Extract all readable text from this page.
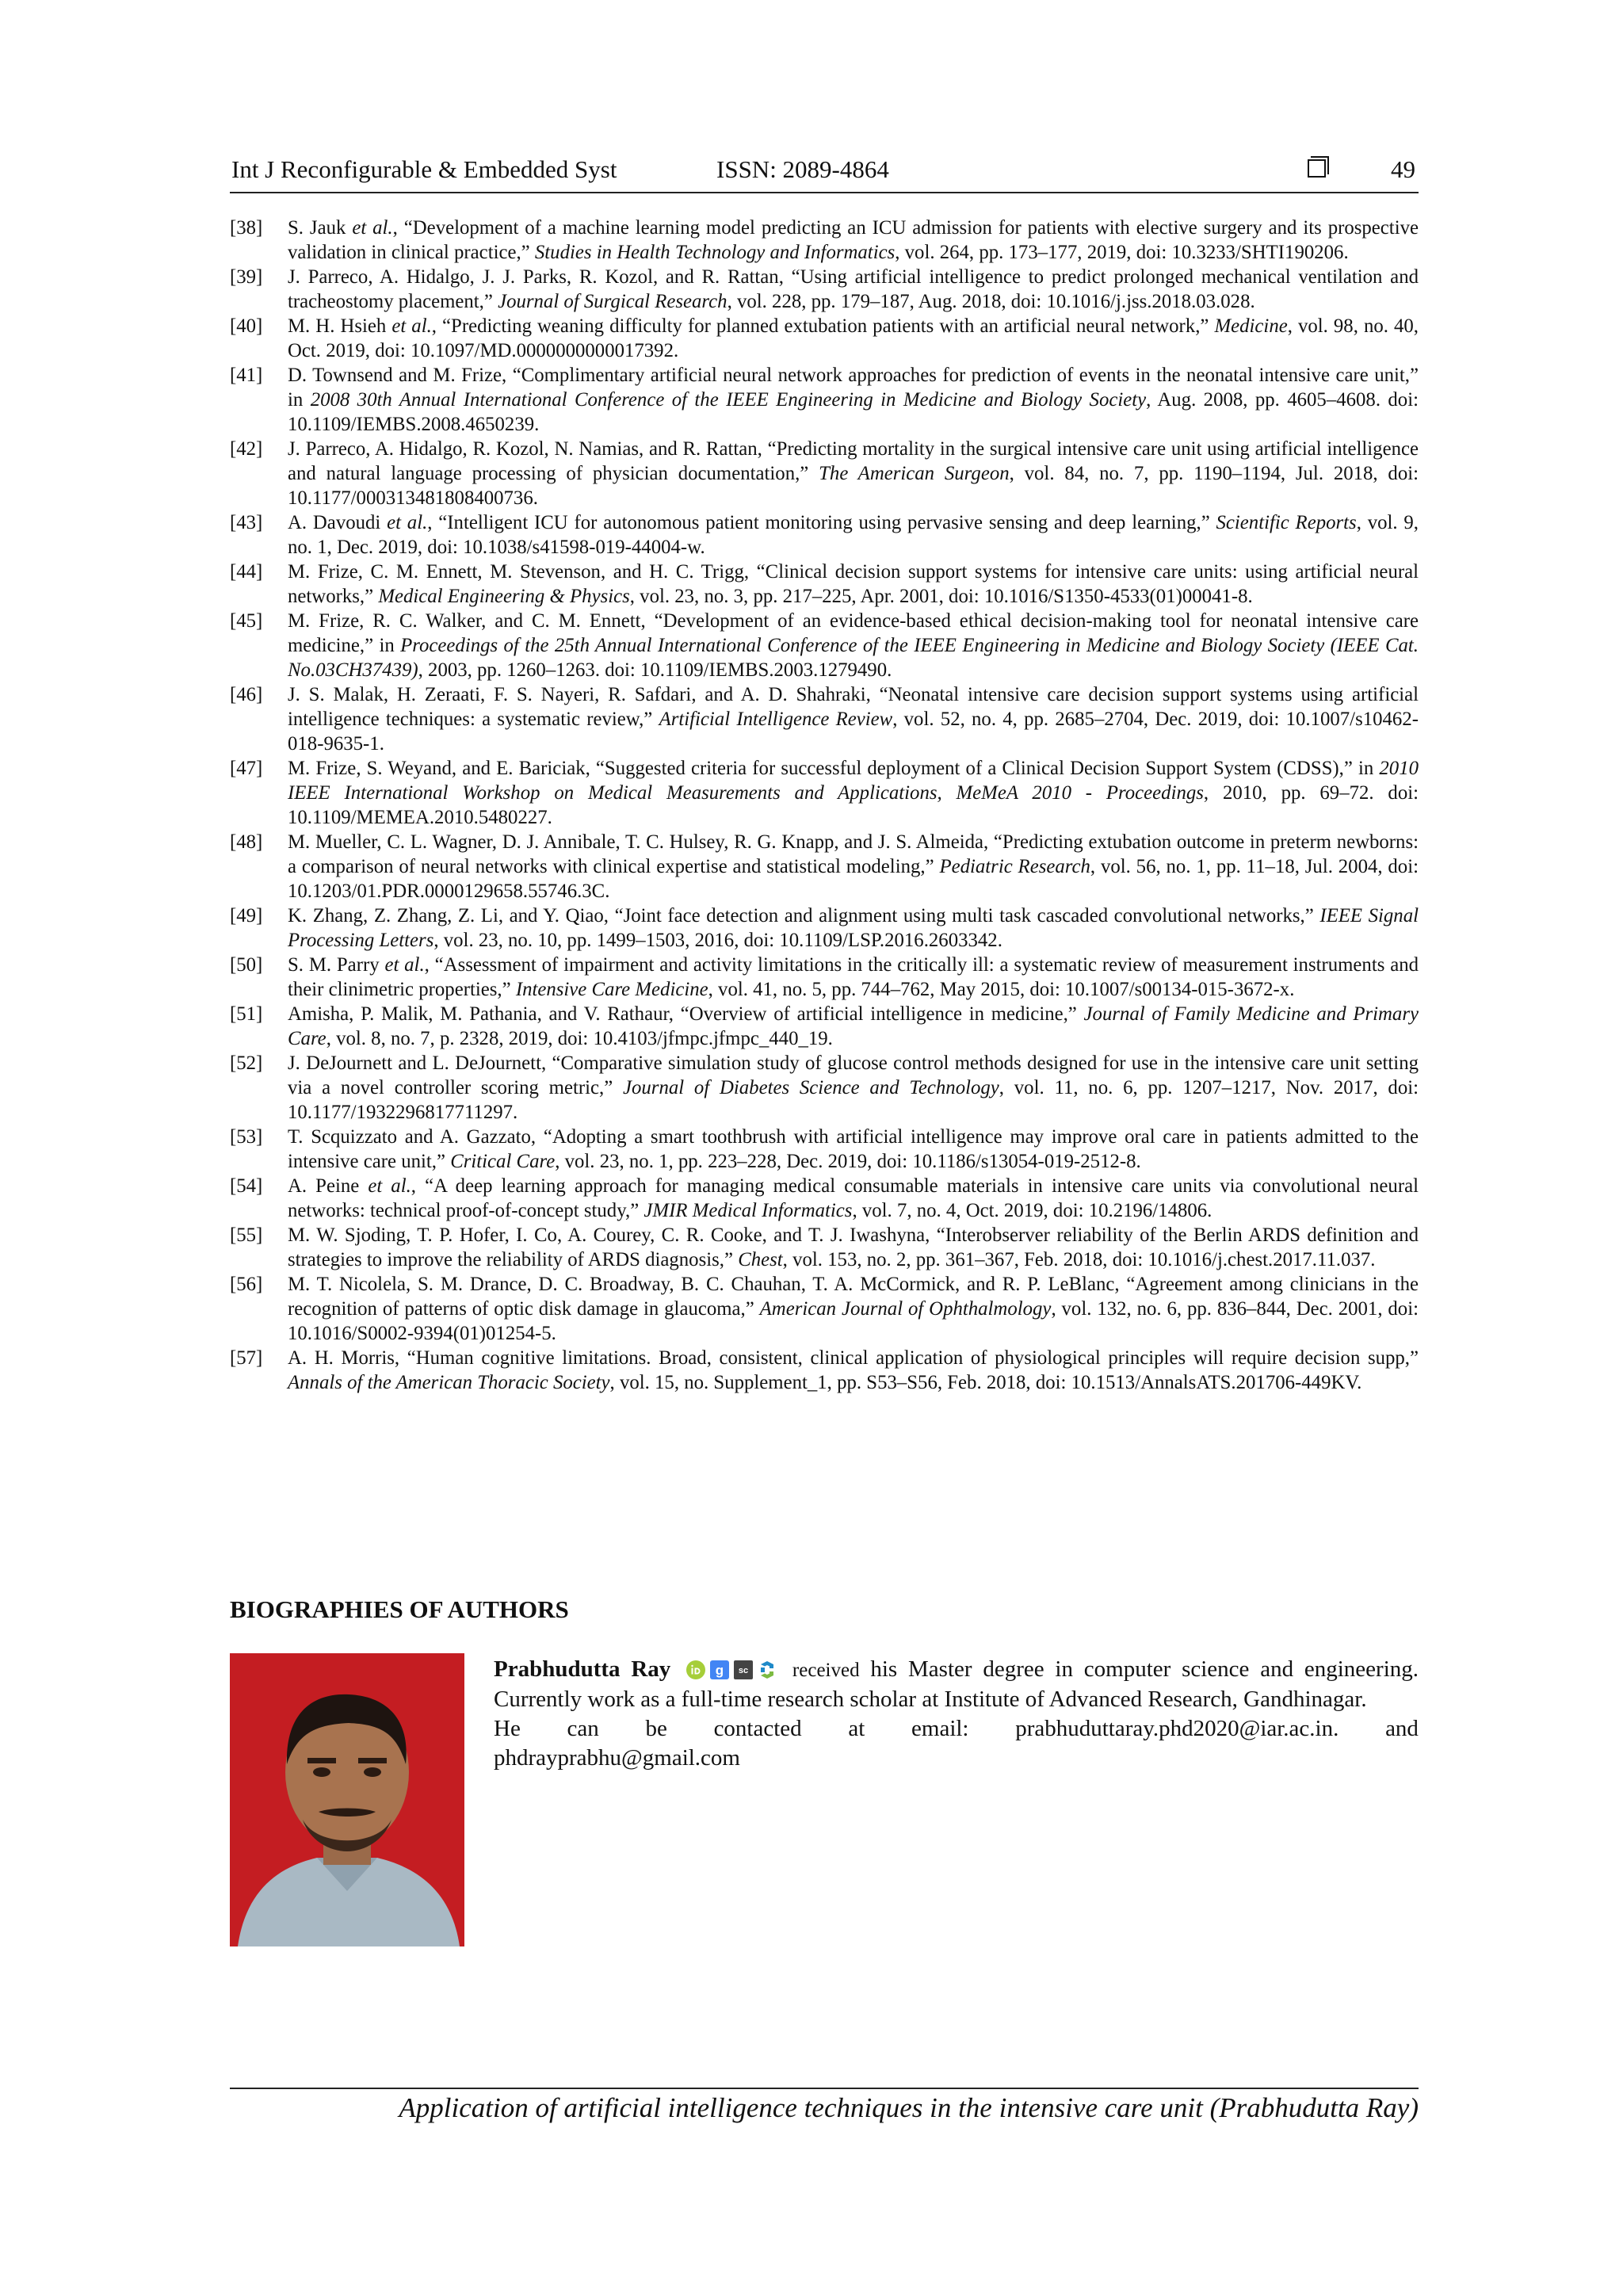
Int J Reconfigurable & Embedded Syst	ISSN: 2089-4864	49

[38] S. Jauk et al., “Development of a machine learning model predicting an ICU admission for patients with elective surgery and its prospective validation in clinical practice,” Studies in Health Technology and Informatics, vol. 264, pp. 173–177, 2019, doi: 10.3233/SHTI190206.

[39] J. Parreco, A. Hidalgo, J. J. Parks, R. Kozol, and R. Rattan, “Using artificial intelligence to predict prolonged mechanical ventilation and tracheostomy placement,” Journal of Surgical Research, vol. 228, pp. 179–187, Aug. 2018, doi: 10.1016/j.jss.2018.03.028.

[40] M. H. Hsieh et al., “Predicting weaning difficulty for planned extubation patients with an artificial neural network,” Medicine, vol. 98, no. 40, Oct. 2019, doi: 10.1097/MD.0000000000017392.

[41] D. Townsend and M. Frize, “Complimentary artificial neural network approaches for prediction of events in the neonatal intensive care unit,” in 2008 30th Annual International Conference of the IEEE Engineering in Medicine and Biology Society, Aug. 2008, pp. 4605–4608. doi: 10.1109/IEMBS.2008.4650239.

[42] J. Parreco, A. Hidalgo, R. Kozol, N. Namias, and R. Rattan, “Predicting mortality in the surgical intensive care unit using artificial intelligence and natural language processing of physician documentation,” The American Surgeon, vol. 84, no. 7, pp. 1190–1194, Jul. 2018, doi: 10.1177/000313481808400736.

[43] A. Davoudi et al., “Intelligent ICU for autonomous patient monitoring using pervasive sensing and deep learning,” Scientific Reports, vol. 9, no. 1, Dec. 2019, doi: 10.1038/s41598-019-44004-w.

[44] M. Frize, C. M. Ennett, M. Stevenson, and H. C. Trigg, “Clinical decision support systems for intensive care units: using artificial neural networks,” Medical Engineering & Physics, vol. 23, no. 3, pp. 217–225, Apr. 2001, doi: 10.1016/S1350-4533(01)00041-8.

[45] M. Frize, R. C. Walker, and C. M. Ennett, “Development of an evidence-based ethical decision-making tool for neonatal intensive care medicine,” in Proceedings of the 25th Annual International Conference of the IEEE Engineering in Medicine and Biology Society (IEEE Cat. No.03CH37439), 2003, pp. 1260–1263. doi: 10.1109/IEMBS.2003.1279490.

[46] J. S. Malak, H. Zeraati, F. S. Nayeri, R. Safdari, and A. D. Shahraki, “Neonatal intensive care decision support systems using artificial intelligence techniques: a systematic review,” Artificial Intelligence Review, vol. 52, no. 4, pp. 2685–2704, Dec. 2019, doi: 10.1007/s10462-018-9635-1.

[47] M. Frize, S. Weyand, and E. Bariciak, “Suggested criteria for successful deployment of a Clinical Decision Support System (CDSS),” in 2010 IEEE International Workshop on Medical Measurements and Applications, MeMeA 2010 - Proceedings, 2010, pp. 69–72. doi: 10.1109/MEMEA.2010.5480227.

[48] M. Mueller, C. L. Wagner, D. J. Annibale, T. C. Hulsey, R. G. Knapp, and J. S. Almeida, “Predicting extubation outcome in preterm newborns: a comparison of neural networks with clinical expertise and statistical modeling,” Pediatric Research, vol. 56, no. 1, pp. 11–18, Jul. 2004, doi: 10.1203/01.PDR.0000129658.55746.3C.

[49] K. Zhang, Z. Zhang, Z. Li, and Y. Qiao, “Joint face detection and alignment using multi task cascaded convolutional networks,” IEEE Signal Processing Letters, vol. 23, no. 10, pp. 1499–1503, 2016, doi: 10.1109/LSP.2016.2603342.

[50] S. M. Parry et al., “Assessment of impairment and activity limitations in the critically ill: a systematic review of measurement instruments and their clinimetric properties,” Intensive Care Medicine, vol. 41, no. 5, pp. 744–762, May 2015, doi: 10.1007/s00134-015-3672-x.

[51] Amisha, P. Malik, M. Pathania, and V. Rathaur, “Overview of artificial intelligence in medicine,” Journal of Family Medicine and Primary Care, vol. 8, no. 7, p. 2328, 2019, doi: 10.4103/jfmpc.jfmpc_440_19.

[52] J. DeJournett and L. DeJournett, “Comparative simulation study of glucose control methods designed for use in the intensive care unit setting via a novel controller scoring metric,” Journal of Diabetes Science and Technology, vol. 11, no. 6, pp. 1207–1217, Nov. 2017, doi: 10.1177/1932296817711297.

[53] T. Scquizzato and A. Gazzato, “Adopting a smart toothbrush with artificial intelligence may improve oral care in patients admitted to the intensive care unit,” Critical Care, vol. 23, no. 1, pp. 223–228, Dec. 2019, doi: 10.1186/s13054-019-2512-8.

[54] A. Peine et al., “A deep learning approach for managing medical consumable materials in intensive care units via convolutional neural networks: technical proof-of-concept study,” JMIR Medical Informatics, vol. 7, no. 4, Oct. 2019, doi: 10.2196/14806.

[55] M. W. Sjoding, T. P. Hofer, I. Co, A. Courey, C. R. Cooke, and T. J. Iwashyna, “Interobserver reliability of the Berlin ARDS definition and strategies to improve the reliability of ARDS diagnosis,” Chest, vol. 153, no. 2, pp. 361–367, Feb. 2018, doi: 10.1016/j.chest.2017.11.037.

[56] M. T. Nicolela, S. M. Drance, D. C. Broadway, B. C. Chauhan, T. A. McCormick, and R. P. LeBlanc, “Agreement among clinicians in the recognition of patterns of optic disk damage in glaucoma,” American Journal of Ophthalmology, vol. 132, no. 6, pp. 836–844, Dec. 2001, doi: 10.1016/S0002-9394(01)01254-5.

[57] A. H. Morris, “Human cognitive limitations. Broad, consistent, clinical application of physiological principles will require decision supp,” Annals of the American Thoracic Society, vol. 15, no. Supplement_1, pp. S53–S56, Feb. 2018, doi: 10.1513/AnnalsATS.201706-449KV.

BIOGRAPHIES OF AUTHORS
Prabhudutta Ray	g sc received his Master degree in computer science and engineering. Currently work as a full-time research scholar at Institute of Advanced Research, Gandhinagar.
He can be contacted at email: prabhuduttaray.phd2020@iar.ac.in. and
phdrayprabhu@gmail.com
Application of artificial intelligence techniques in the intensive care unit (Prabhudutta Ray)
